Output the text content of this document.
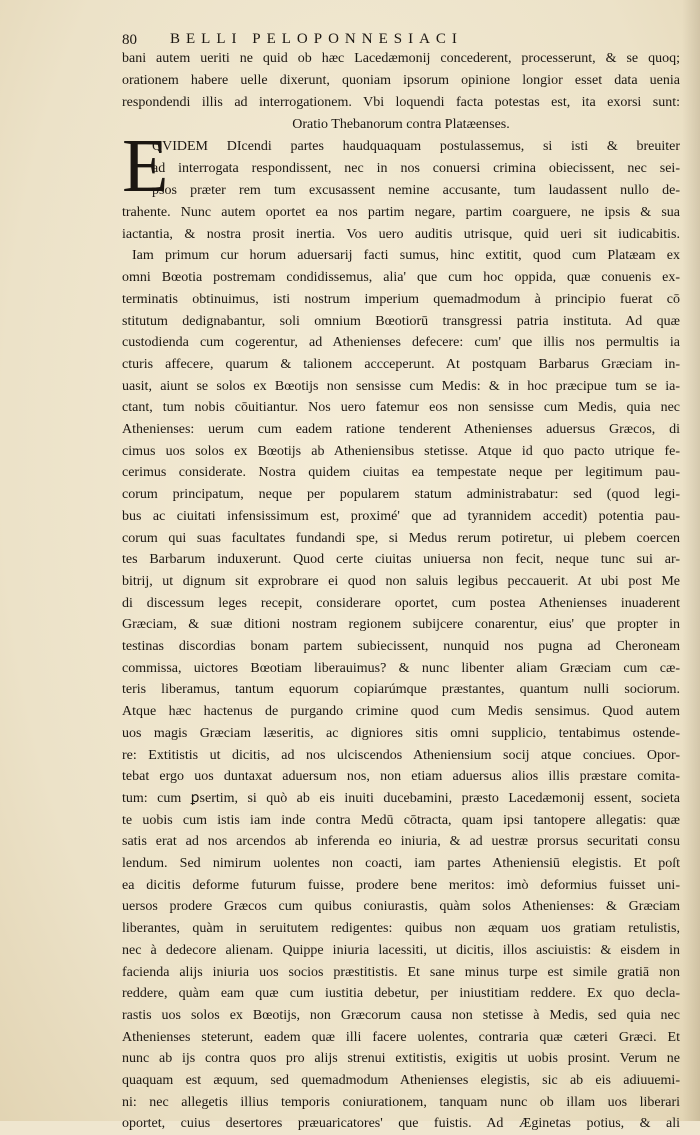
80 BELLI PELOPONNESIACI
bani autem ueriti ne quid ob hæc Lacedæmonij concederent, processerunt, & se quoq;
orationem habere uelle dixerunt, quoniam ipsorum opinione longior esset data uenia
respondendi illis ad interrogationem. Vbi loquendi facta potestas est, ita exorsi sunt:
Oratio Thebanorum contra Platæenses.
E
QVIDEM DIcendi partes haudquaquam postulassemus, si isti & breuiter
ad interrogata respondissent, nec in nos conuersi crimina obiecissent, nec sei-
psos præter rem tum excusassent nemine accusante, tum laudassent nullo de-
trahente. Nunc autem oportet ea nos partim negare, partim coarguere, ne ipsis & sua
iactantia, & nostra prosit inertia. Vos uero auditis utrisque, quid ueri sit iudicabitis.
Iam primum cur horum aduersarij facti sumus, hinc extitit, quod cum Platæam ex
omni Bœotia postremam condidissemus, alia' que cum hoc oppida, quæ conuenis ex-
terminatis obtinuimus, isti nostrum imperium quemadmodum à principio fuerat cō
stitutum dedignabantur, soli omnium Bœotiorū transgressi patria instituta. Ad quæ
custodienda cum cogerentur, ad Athenienses defecere: cum' que illis nos permultis ia
cturis affecere, quarum & talionem accceperunt. At postquam Barbarus Græciam in-
uasit, aiunt se solos ex Bœotijs non sensisse cum Medis: & in hoc præcipue tum se ia-
ctant, tum nobis cōuitiantur. Nos uero fatemur eos non sensisse cum Medis, quia nec
Athenienses: uerum cum eadem ratione tenderent Athenienses aduersus Græcos, di
cimus uos solos ex Bœotijs ab Atheniensibus stetisse. Atque id quo pacto utrique fe-
cerimus considerate. Nostra quidem ciuitas ea tempestate neque per legitimum pau-
corum principatum, neque per popularem statum administrabatur: sed (quod legi-
bus ac ciuitati infensissimum est, proximé' que ad tyrannidem accedit) potentia pau-
corum qui suas facultates fundandi spe, si Medus rerum potiretur, ui plebem coercen
tes Barbarum induxerunt. Quod certe ciuitas uniuersa non fecit, neque tunc sui ar-
bitrij, ut dignum sit exprobrare ei quod non saluis legibus peccauerit. At ubi post Me
di discessum leges recepit, considerare oportet, cum postea Athenienses inuaderent
Græciam, & suæ ditioni nostram regionem subijcere conarentur, eius' que propter in
testinas discordias bonam partem subiecissent, nunquid nos pugna ad Cheroneam
commissa, uictores Bœotiam liberauimus? & nunc libenter aliam Græciam cum cæ-
teris liberamus, tantum equorum copiarúmque præstantes, quantum nulli sociorum.
Atque hæc hactenus de purgando crimine quod cum Medis sensimus. Quod autem
uos magis Græciam læseritis, ac digniores sitis omni supplicio, tentabimus ostende-
re: Extitistis ut dicitis, ad nos ulciscendos Atheniensium socij atque conciues. Opor-
tebat ergo uos duntaxat aduersum nos, non etiam aduersus alios illis præstare comita-
tum: cum ꝑsertim, si quò ab eis inuiti ducebamini, præsto Lacedæmonij essent, societa
te uobis cum istis iam inde contra Medū cōtracta, quam ipsi tantopere allegatis: quæ
satis erat ad nos arcendos ab inferenda eo iniuria, & ad uestræ prorsus securitati consu
lendum. Sed nimirum uolentes non coacti, iam partes Atheniensiū elegistis. Et poſt
ea dicitis deforme futurum fuisse, prodere bene meritos: imò deformius fuisset uni-
uersos prodere Græcos cum quibus coniurastis, quàm solos Athenienses: & Græciam
liberantes, quàm in seruitutem redigentes: quibus non æquam uos gratiam retulistis,
nec à dedecore alienam. Quippe iniuria lacessiti, ut dicitis, illos asciuistis: & eisdem in
facienda alijs iniuria uos socios præstitistis. Et sane minus turpe est simile gratiā non
reddere, quàm eam quæ cum iustitia debetur, per iniustitiam reddere. Ex quo decla-
rastis uos solos ex Bœotijs, non Græcorum causa non stetisse à Medis, sed quia nec
Athenienses steterunt, eadem quæ illi facere uolentes, contraria quæ cæteri Græci. Et
nunc ab ijs contra quos pro alijs strenui extitistis, exigitis ut uobis prosint. Verum ne
quaquam est æquum, sed quemadmodum Athenienses elegistis, sic ab eis adiuuemi-
ni: nec allegetis illius temporis coniurationem, tanquam nunc ob illam uos liberari
oportet, cuius desertores præuaricatores' que fuistis. Ad Æginetas potius, & ali
